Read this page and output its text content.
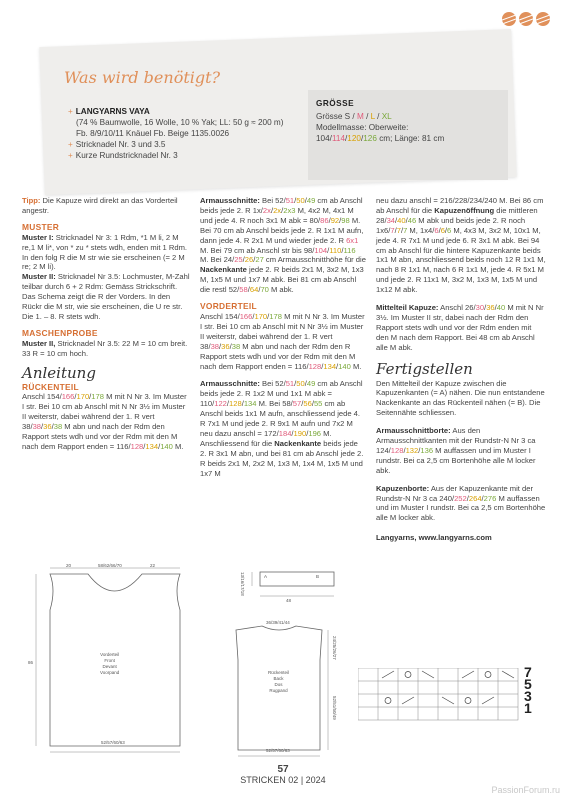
Was wird benötigt?
+ LANGYARNS VAYA
(74 % Baumwolle, 16 Wolle, 10 % Yak; LL: 50 g ≈ 200 m)
Fb. 8/9/10/11 Knäuel Fb. Beige 1135.0026
+ Stricknadel Nr. 3 und 3.5
+ Kurze Rundstricknadel Nr. 3
GRÖSSE
Grösse S / M / L / XL
Modellmasse: Oberweite:
104/114/120/126 cm; Länge: 81 cm

Tipp: Die Kapuze wird direkt an das Vorderteil angestr.

MUSTER

Muster I: Stricknadel Nr 3: 1 Rdm, *1 M li, 2 M re,1 M li*, von * zu * stets wdh, enden mit 1 Rdm.

In den folg R die M str wie sie erscheinen (= 2 M re; 2 M li).

Muster II: Stricknadel Nr 3.5: Lochmuster, M-Zahl teilbar durch 6 + 2 Rdm: Gemäss Strickschrift.

Das Schema zeigt die R der Vorders. In den Rückr die M str, wie sie erscheinen, die U re str.

Die 1. – 8. R stets wdh.

MASCHENPROBE

Muster II, Stricknadel Nr 3.5: 22 M = 10 cm breit. 33 R = 10 cm hoch.

Anleitung
RÜCKENTEIL

Anschl 154/166/170/178 M mit N Nr 3. Im Muster I str. Bei 10 cm ab Anschl mit N Nr 3½ im Muster II weiterstr, dabei während der 1. R vert 38/38/36/38 M abn und nach der Rdm den Rapport stets wdh und vor der Rdm mit den M nach dem Rapport enden = 116/128/134/140 M.

Armausschnitte: Bei 52/51/50/49 cm ab Anschl beids jede 2. R 1x/2x/2x/2x3 M, 4x2 M, 4x1 M und jede 4. R noch 3x1 M abk = 80/86/92/98 M. Bei 70 cm ab Anschl beids jede 2. R 1x1 M aufn, dann jede 4. R 2x1 M und wieder jede 2. R 6x1 M. Bei 79 cm ab Anschl str bis 98/104/110/116 M. Bei 24/25/26/27 cm Armausschnitthöhe für die Nackenkante jede 2. R beids 2x1 M, 3x2 M, 1x3 M, 1x5 M und 1x7 M abk. Bei 81 cm ab Anschl die restl 52/58/64/70 M abk.

VORDERTEIL

Anschl 154/166/170/178 M mit N Nr 3. Im Muster I str. Bei 10 cm ab Anschl mit N Nr 3½ im Muster II weiterstr, dabei während der 1. R vert 38/38/36/38 M abn und nach der Rdm den R Rapport stets wdh und vor der Rdm mit den M nach dem Rapport enden = 116/128/134/140 M.

Armausschnitte: Bei 52/51/50/49 cm ab Anschl beids jede 2. R 1x2 M und 1x1 M abk = 110/122/128/134 M. Bei 58/57/56/55 cm ab Anschl beids 1x1 M aufn, anschliessend jede 4. R 7x1 M und jede 2. R 9x1 M aufn und 7x2 M neu dazu anschl = 172/184/190/196 M. Anschliessend für die Nackenkante beids jede 2. R 3x1 M abn, und bei 81 cm ab Anschl jede 2. R beids 2x1 M, 2x2 M, 1x3 M, 1x4 M, 1x5 M und 1x7 M

neu dazu anschl = 216/228/234/240 M. Bei 86 cm ab Anschl für die Kapuzenöffnung die mittleren 28/34/40/46 M abk und beids jede 2. R noch 1x6/7/7/7 M, 1x4/6/6/6 M, 4x3 M, 3x2 M, 10x1 M, jede 4. R 7x1 M und jede 6. R 3x1 M abk. Bei 94 cm ab Anschl für die hintere Kapuzenkante beids 1x1 M abn, anschliessend beids noch 12 R 1x1 M, nach 8 R 1x1 M, nach 6 R 1x1 M, jede 4. R 5x1 M und jede 2. R 11x1 M, 3x2 M, 1x3 M, 1x5 M und 1x12 M abk.

Mittelteil Kapuze: Anschl 26/30/36/40 M mit N Nr 3½. Im Muster II str, dabei nach der Rdm den Rapport stets wdh und vor der Rdm enden mit den M nach dem Rapport. Bei 48 cm ab Anschl alle M abk.

Fertigstellen

Den Mittelteil der Kapuze zwischen die Kapuzenkanten (= A) nähen. Die nun entstandene Nackenkante an das Rückenteil nähen (= B). Die Seitennähte schliessen.

Armausschnittborte: Aus den Armausschnittkanten mit der Rundstr-N Nr 3 ca 124/128/132/136 M auffassen und im Muster I rundstr. Bei ca 2,5 cm Bortenhöhe alle M locker abk.

Kapuzenborte: Aus der Kapuzenkante mit der Rundstr-N Nr 3 ca 240/252/264/276 M auffassen und im Muster I rundstr. Bei ca 2,5 cm Bortenhöhe alle M locker abk.

Langyarns, www.langyarns.com

58/62/66/70
20	22
86
52/57/60/63
Vorderteil
Front
Devant
Voorpand
A	B
48
13/16/17/18
36/39/41/44
52/57/60/63
Rückenteil
Back
Dos
Rugpand
24/25/26/27
52/51/50/49
7
5
3
1
57
STRICKEN 02 | 2024
PassionForum.ru
